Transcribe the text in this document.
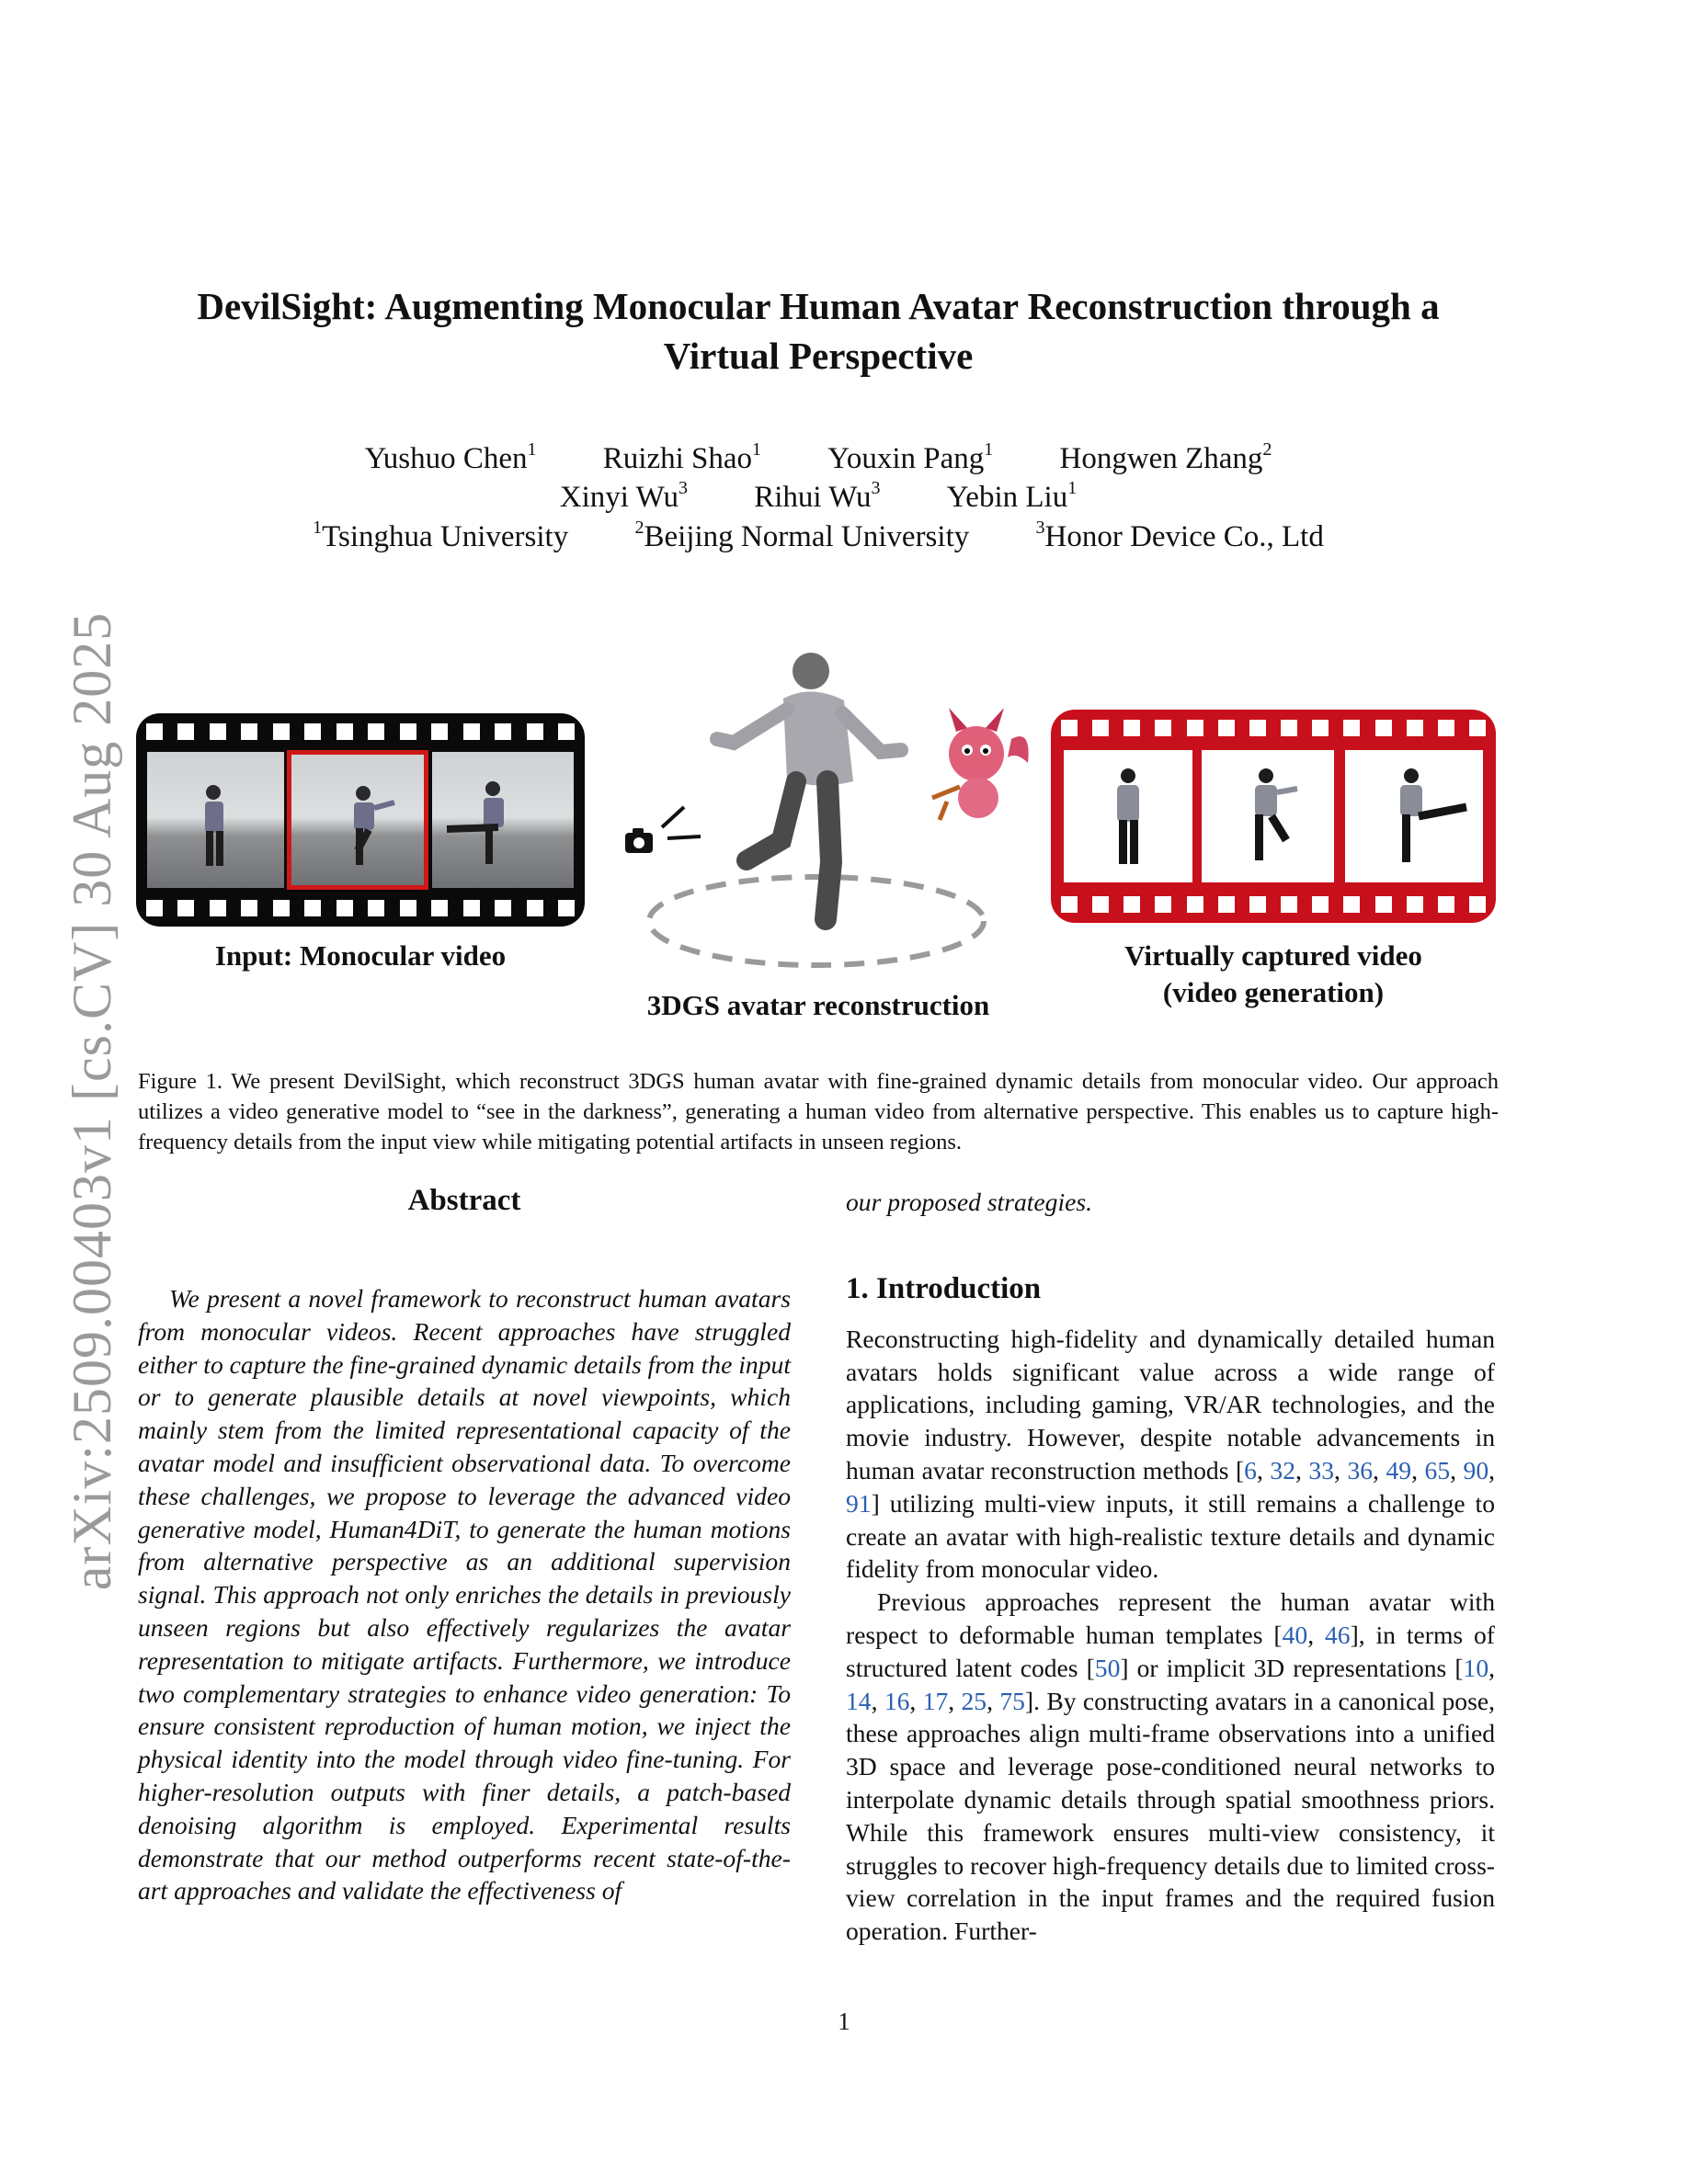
arXiv:2509.00403v1 [cs.CV] 30 Aug 2025
DevilSight: Augmenting Monocular Human Avatar Reconstruction through a
Virtual Perspective
Yushuo Chen$^1$ Ruizhi Shao$^1$ Youxin Pang$^1$ Hongwen Zhang$^2$
Xinyi Wu$^3$ Rihui Wu$^3$ Yebin Liu$^1$
$^1$Tsinghua University	$^2$Beijing Normal University	$^3$Honor Device Co., Ltd
Input: Monocular video
3DGS avatar reconstruction
Virtually captured video
(video generation)
Figure 1. We present DevilSight, which reconstruct 3DGS human avatar with fine-grained dynamic details from monocular video. Our approach utilizes a video generative model to “see in the darkness”, generating a human video from alternative perspective. This enables us to capture high-frequency details from the input view while mitigating potential artifacts in unseen regions.
Abstract
We present a novel framework to reconstruct human avatars from monocular videos. Recent approaches have struggled either to capture the fine-grained dynamic details from the input or to generate plausible details at novel viewpoints, which mainly stem from the limited representational capacity of the avatar model and insufficient observational data. To overcome these challenges, we propose to leverage the advanced video generative model, Human4DiT, to generate the human motions from alternative perspective as an additional supervision signal. This approach not only enriches the details in previously unseen regions but also effectively regularizes the avatar representation to mitigate artifacts. Furthermore, we introduce two complementary strategies to enhance video generation: To ensure consistent reproduction of human motion, we inject the physical identity into the model through video fine-tuning. For higher-resolution outputs with finer details, a patch-based denoising algorithm is employed. Experimental results demonstrate that our method outperforms recent state-of-the-art approaches and validate the effectiveness of
our proposed strategies.
1. Introduction

Reconstructing high-fidelity and dynamically detailed human avatars holds significant value across a wide range of applications, including gaming, VR/AR technologies, and the movie industry. However, despite notable advancements in human avatar reconstruction methods [6, 32, 33, 36, 49, 65, 90, 91] utilizing multi-view inputs, it still remains a challenge to create an avatar with high-realistic texture details and dynamic fidelity from monocular video.

Previous approaches represent the human avatar with respect to deformable human templates [40, 46], in terms of structured latent codes [50] or implicit 3D representations [10, 14, 16, 17, 25, 75]. By constructing avatars in a canonical pose, these approaches align multi-frame observations into a unified 3D space and leverage pose-conditioned neural networks to interpolate dynamic details through spatial smoothness priors. While this framework ensures multi-view consistency, it struggles to recover high-frequency details due to limited cross-view correlation in the input frames and the required fusion operation. Further-

1
